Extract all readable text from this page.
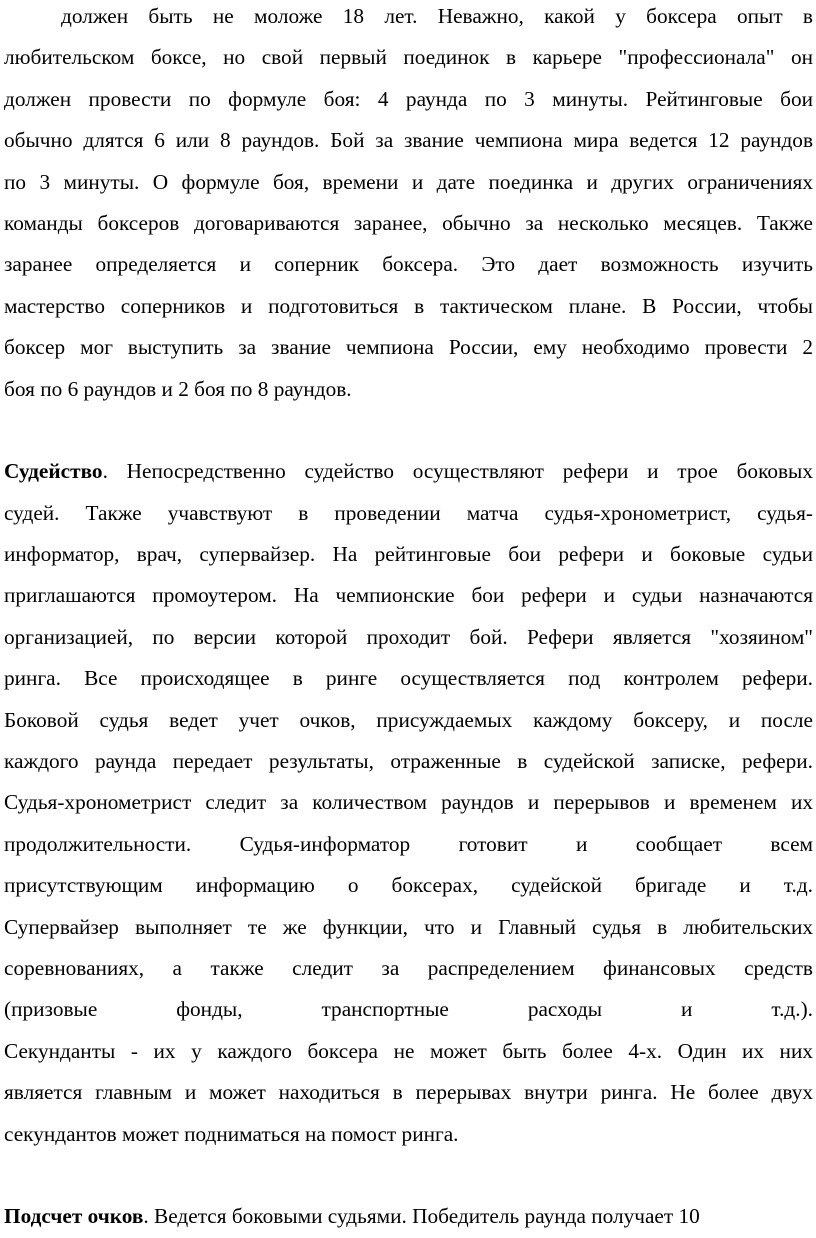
должен быть не моложе 18 лет. Неважно, какой у боксера опыт в
любительском боксе, но свой первый поединок в карьере "профессионала" он
должен провести по формуле боя: 4 раунда по 3 минуты. Рейтинговые бои
обычно длятся 6 или 8 раундов. Бой за звание чемпиона мира ведется 12 раундов
по 3 минуты. О формуле боя, времени и дате поединка и других ограничениях
команды боксеров договариваются заранее, обычно за несколько месяцев. Также
заранее определяется и соперник боксера. Это дает возможность изучить
мастерство соперников и подготовиться в тактическом плане. В России, чтобы
боксер мог выступить за звание чемпиона России, ему необходимо провести 2
боя по 6 раундов и 2 боя по 8 раундов.
Судейство. Непосредственно судейство осуществляют рефери и трое боковых
судей. Также учавствуют в проведении матча судья-хронометрист, судья-
информатор, врач, супервайзер. На рейтинговые бои рефери и боковые судьи
приглашаются промоутером. На чемпионские бои рефери и судьи назначаются
организацией, по версии которой проходит бой. Рефери является "хозяином"
ринга. Все происходящее в ринге осуществляется под контролем рефери.
Боковой судья ведет учет очков, присуждаемых каждому боксеру, и после
каждого раунда передает результаты, отраженные в судейской записке, рефери.
Судья-хронометрист следит за количеством раундов и перерывов и временем их
продолжительности. Судья-информатор готовит и сообщает всем
присутствующим информацию о боксерах, судейской бригаде и т.д.
Супервайзер выполняет те же функции, что и Главный судья в любительских
соревнованиях, а также следит за распределением финансовых средств
(призовые фонды, транспортные расходы и т.д.).
Секунданты - их у каждого боксера не может быть более 4-х. Один их них
является главным и может находиться в перерывах внутри ринга. Не более двух
секундантов может подниматься на помост ринга.
Подсчет очков. Ведется боковыми судьями. Победитель раунда получает 10
